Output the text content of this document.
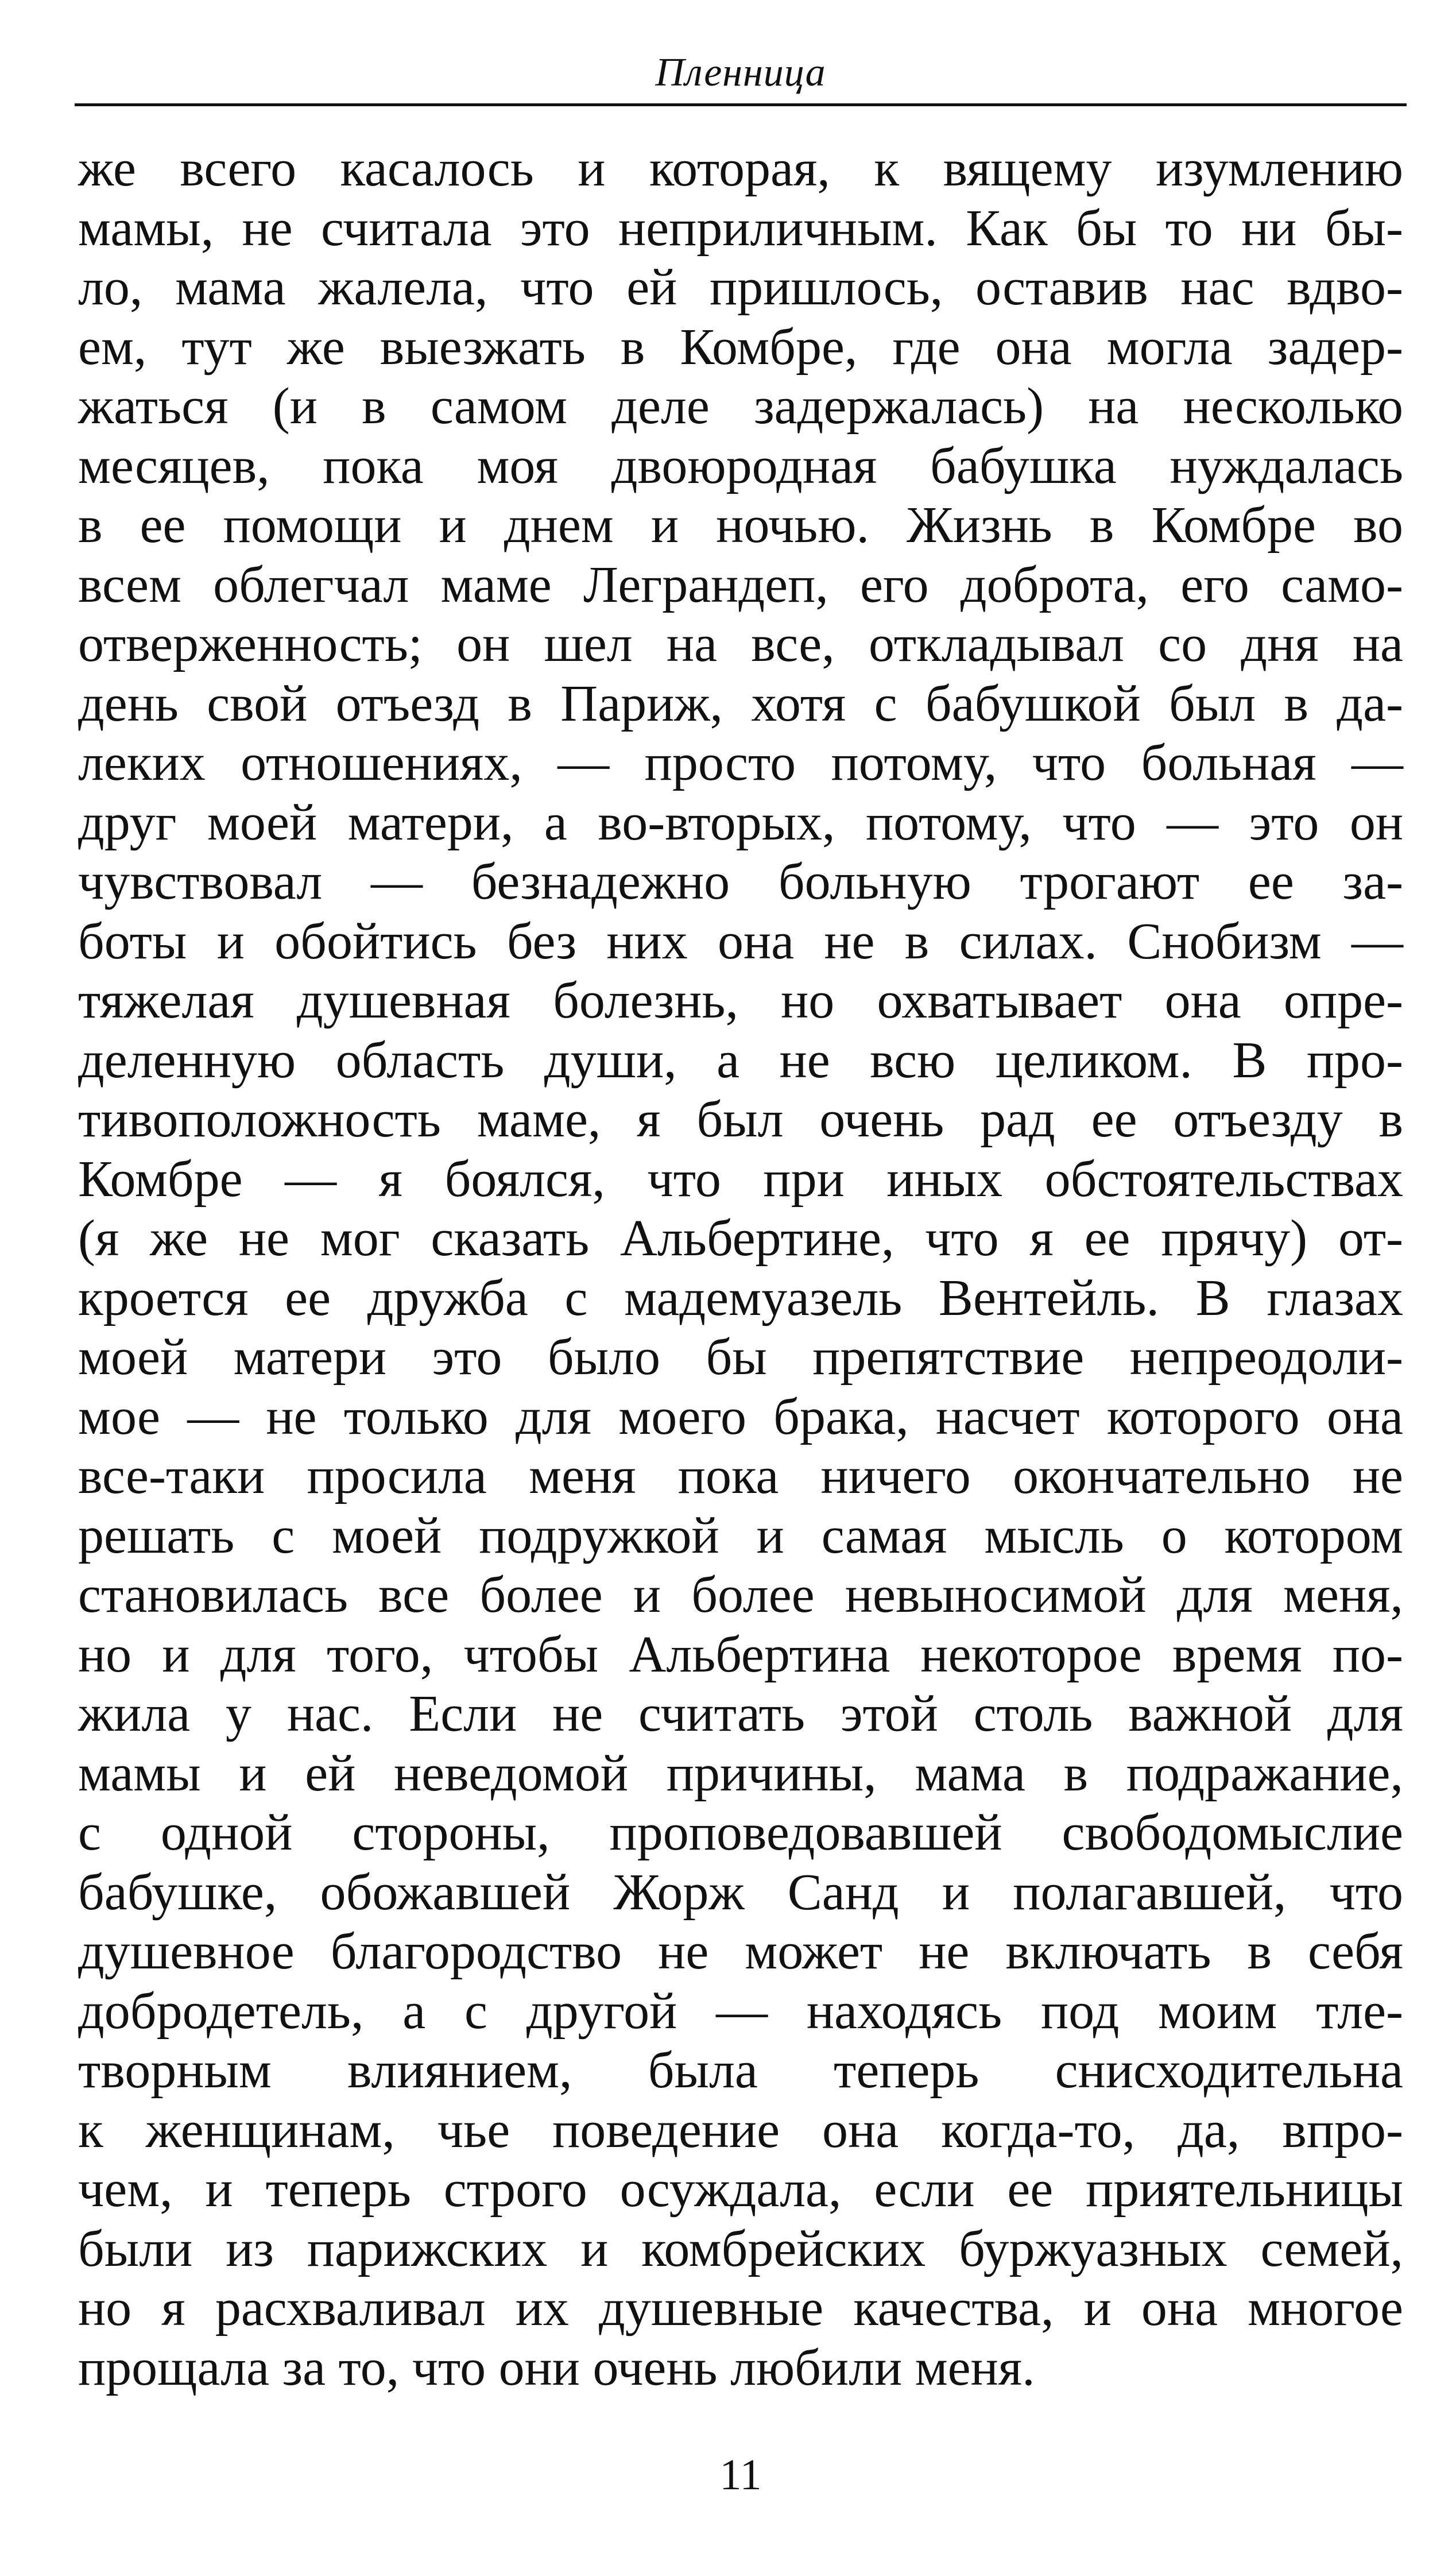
Пленница
же всего касалось и которая, к вящему изумлению
мамы, не считала это неприличным. Как бы то ни бы-
ло, мама жалела, что ей пришлось, оставив нас вдво-
ем, тут же выезжать в Комбре, где она могла задер-
жаться (и в самом деле задержалась) на несколько
месяцев, пока моя двоюродная бабушка нуждалась
в ее помощи и днем и ночью. Жизнь в Комбре во
всем облегчал маме Леграндеп, его доброта, его само-
отверженность; он шел на все, откладывал со дня на
день свой отъезд в Париж, хотя с бабушкой был в да-
леких отношениях, — просто потому, что больная —
друг моей матери, а во-вторых, потому, что — это он
чувствовал — безнадежно больную трогают ее за-
боты и обойтись без них она не в силах. Снобизм —
тяжелая душевная болезнь, но охватывает она опре-
деленную область души, а не всю целиком. В про-
тивоположность маме, я был очень рад ее отъезду в
Комбре — я боялся, что при иных обстоятельствах
(я же не мог сказать Альбертине, что я ее прячу) от-
кроется ее дружба с мадемуазель Вентейль. В глазах
моей матери это было бы препятствие непреодоли-
мое — не только для моего брака, насчет которого она
все-таки просила меня пока ничего окончательно не
решать с моей подружкой и самая мысль о котором
становилась все более и более невыносимой для меня,
но и для того, чтобы Альбертина некоторое время по-
жила у нас. Если не считать этой столь важной для
мамы и ей неведомой причины, мама в подражание,
с одной стороны, проповедовавшей свободомыслие
бабушке, обожавшей Жорж Санд и полагавшей, что
душевное благородство не может не включать в себя
добродетель, а с другой — находясь под моим тле-
творным влиянием, была теперь снисходительна
к женщинам, чье поведение она когда-то, да, впро-
чем, и теперь строго осуждала, если ее приятельницы
были из парижских и комбрейских буржуазных семей,
но я расхваливал их душевные качества, и она многое
прощала за то, что они очень любили меня.
11
